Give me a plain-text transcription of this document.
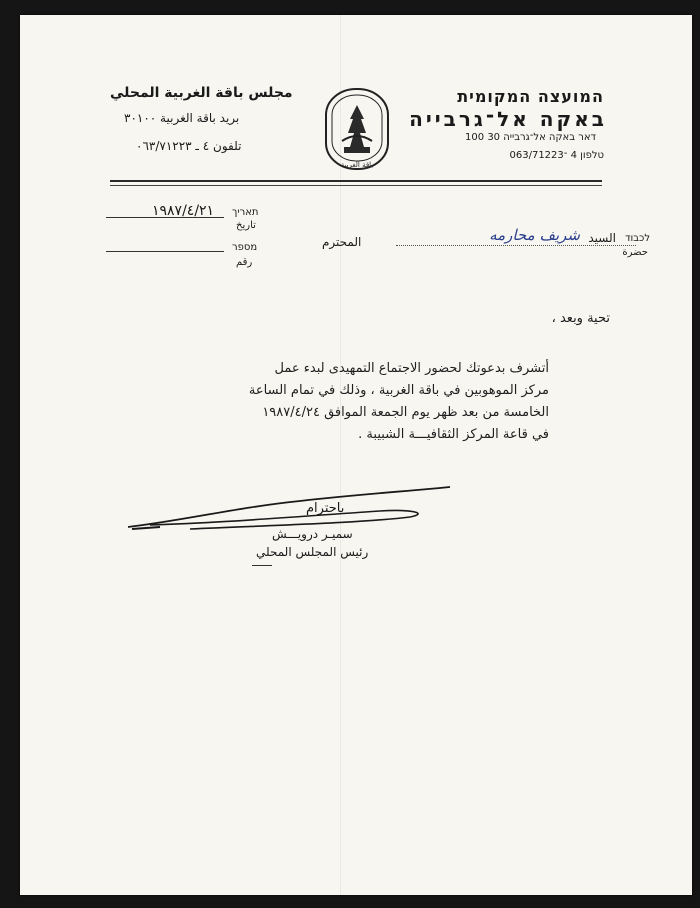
המועצה המקומית
באקה אל־גרבייה
דאר באקה אל־גרבייה 30 100
טלפון 4 ־063/71223
باقة الغربية
مجلس باقة الغربية المحلي
بريد باقة الغربية ٣٠١٠٠
تلفون ٤ ـ ٠٦٣/٧١٢٢٣
١٩٨٧/٤/٢١ תאריך
تاريخ
מספר
رقم
לכבוד
حضرة
السيد
شريف محارمه
المحترم
تحية وبعد ،
أتشرف بدعوتك لحضور الاجتماع التمهيدى لبدء عمل
مركز الموهوبين في باقة الغربية ، وذلك في تمام الساعة
الخامسة من بعد ظهر يوم الجمعة الموافق ١٩٨٧/٤/٢٤
في قاعة المركز الثقافيـــة الشبيبة .
باحترام
سميـر درويـــش
رئيس المجلس المحلي
